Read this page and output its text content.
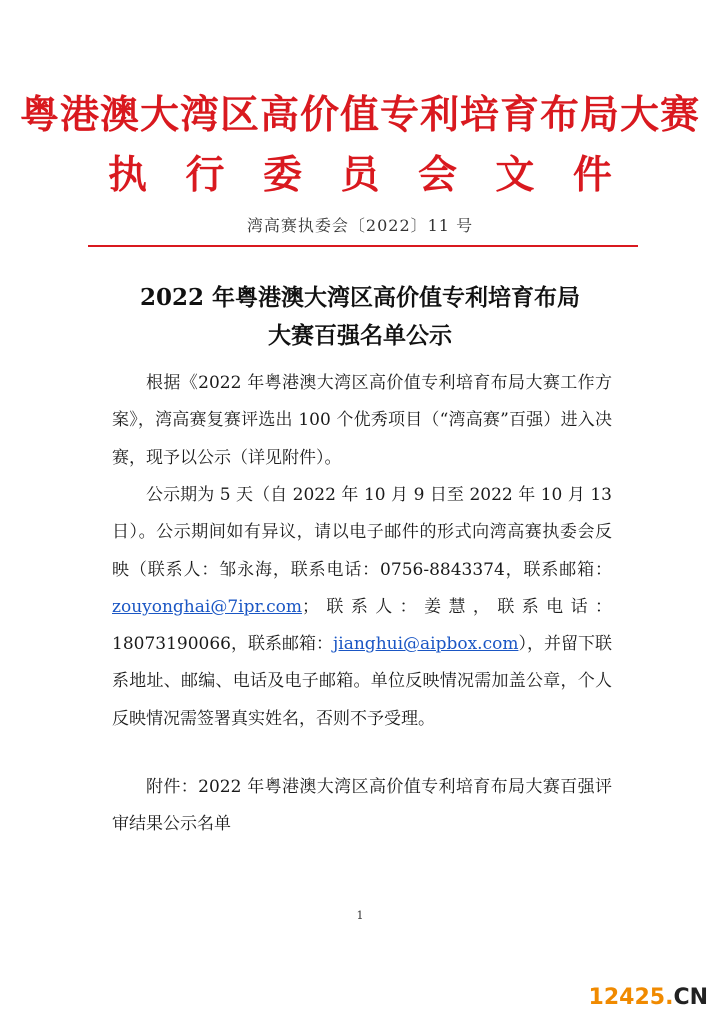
粤港澳大湾区高价值专利培育布局大赛
执 行 委 员 会 文 件
湾高赛执委会〔2022〕11 号
2022 年粤港澳大湾区高价值专利培育布局
大赛百强名单公示

根据《2022 年粤港澳大湾区高价值专利培育布局大赛工作方案》，湾高赛复赛评选出 100 个优秀项目（“湾高赛”百强）进入决赛，现予以公示（详见附件）。

公示期为 5 天（自 2022 年 10 月 9 日至 2022 年 10 月 13 日）。公示期间如有异议，请以电子邮件的形式向湾高赛执委会反映（联系人：邹永海，联系电话：0756-8843374，联系邮箱：zouyonghai@7ipr.com；联系人：姜慧，联系电话：18073190066，联系邮箱：jianghui@aipbox.com），并留下联系地址、邮编、电话及电子邮箱。单位反映情况需加盖公章，个人反映情况需签署真实姓名，否则不予受理。

附件：2022 年粤港澳大湾区高价值专利培育布局大赛百强评审结果公示名单

1
12425.CN
